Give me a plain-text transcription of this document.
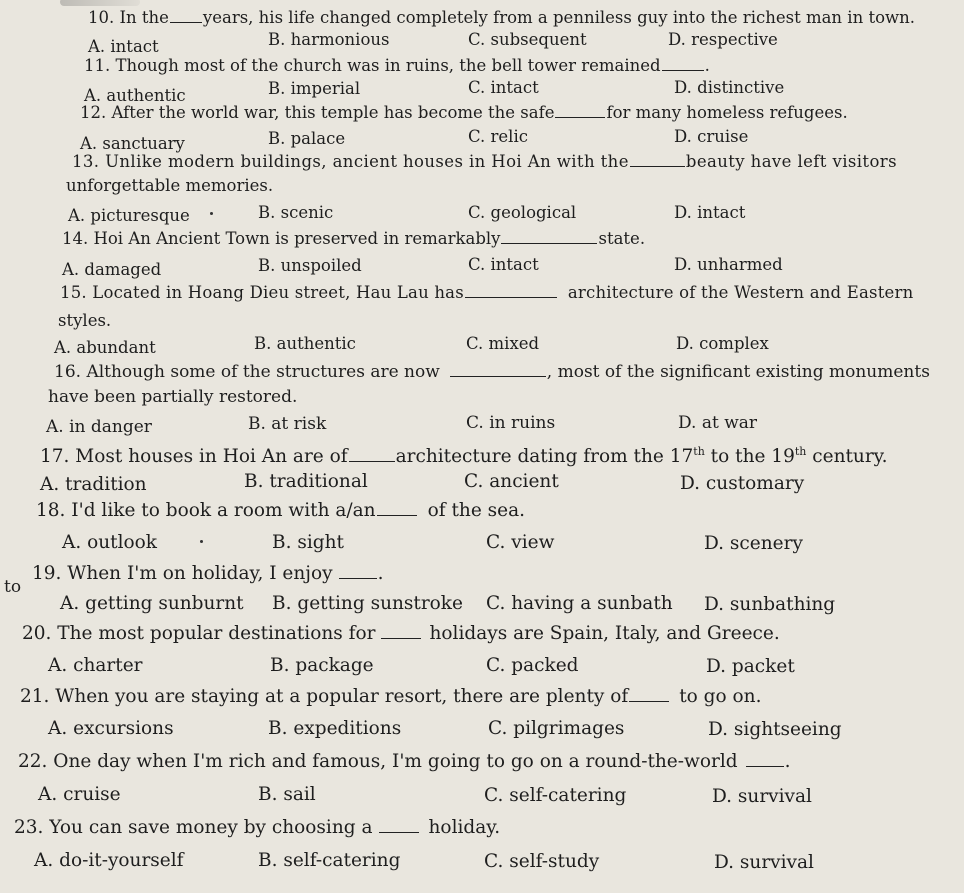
to
10. In the years, his life changed completely from a penniless guy into the richest man in town.
A. intact	B. harmonious	C. subsequent	D. respective
11. Though most of the church was in ruins, the bell tower remained	.
A. authentic	B. imperial	C. intact	D. distinctive
12. After the world war, this temple has become the safe	for many homeless refugees.
A. sanctuary	B. palace	C. relic	D. cruise
13. Unlike modern buildings, ancient houses in Hoi An with the	beauty have left visitors
unforgettable memories.
A. picturesque	B. scenic	C. geological	D. intact
14. Hoi An Ancient Town is preserved in remarkably	state.
A. damaged	B. unspoiled	C. intact	D. unharmed
15. Located in Hoang Dieu street, Hau Lau has	architecture of the Western and Eastern
styles.
A. abundant	B. authentic	C. mixed	D. complex
16. Although some of the structures are now	, most of the significant existing monuments
have been partially restored.
A. in danger	B. at risk	C. in ruins	D. at war
17. Most houses in Hoi An are of	architecture dating from the 17th to the 19th century.
A. tradition	B. traditional	C. ancient	D. customary
18. I'd like to book a room with a/an	of the sea.
A. outlook	B. sight	C. view	D. scenery
19. When I'm on holiday, I enjoy .
A. getting sunburnt B. getting sunstroke C. having a sunbath D. sunbathing
20. The most popular destinations for	holidays are Spain, Italy, and Greece.
A. charter	B. package	C. packed	D. packet
21. When you are staying at a popular resort, there are plenty of	to go on.
A. excursions	B. expeditions	C. pilgrimages	D. sightseeing
22. One day when I'm rich and famous, I'm going to go on a round-the-world	.
A. cruise	B. sail	C. self-catering	D. survival
23. You can save money by choosing a	holiday.
A. do-it-yourself	B. self-catering	C. self-study	D. survival
